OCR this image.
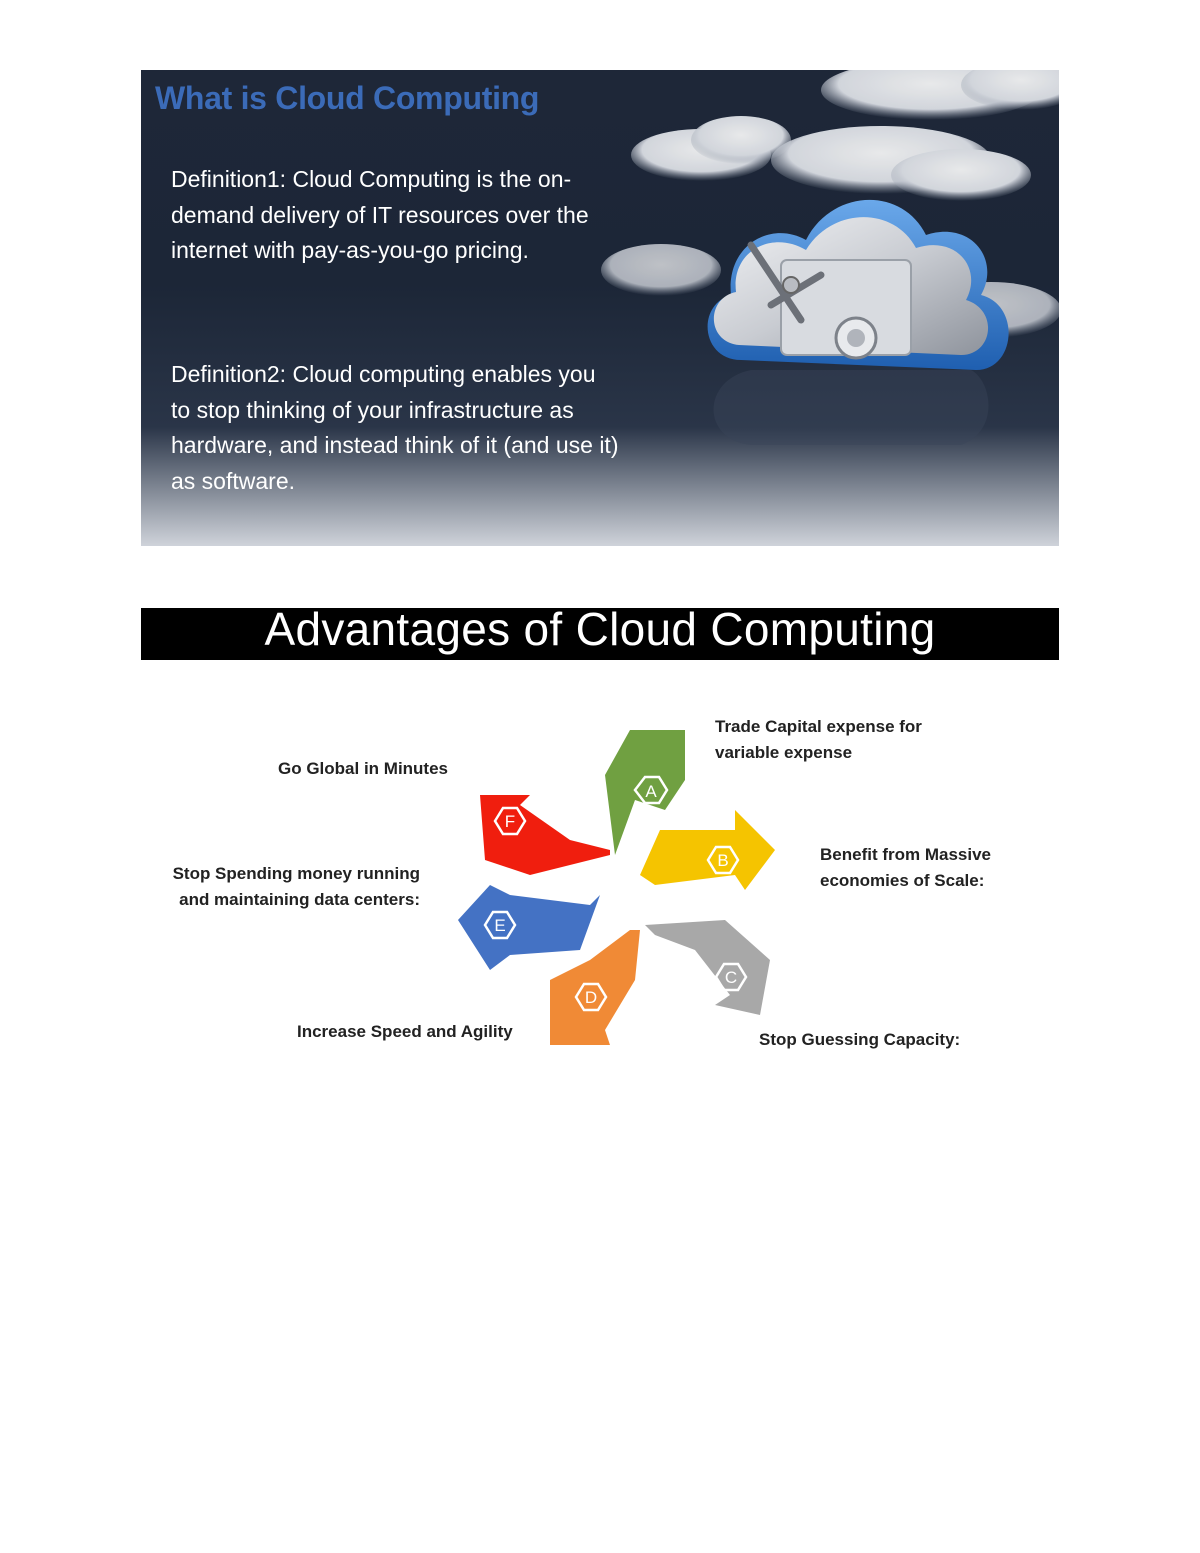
What is Cloud Computing

Definition1: Cloud Computing is the on-demand delivery of IT resources over the internet with pay-as-you-go pricing.

Definition2: Cloud computing enables you to stop thinking of your infrastructure as hardware, and instead think of it (and use it) as software.

Advantages of Cloud Computing
A
B
C
D
E
F

Trade Capital expense for variable expense

Benefit from Massive economies of Scale:

Stop Guessing Capacity:

Increase Speed and Agility

Stop Spending money running and maintaining data centers:

Go Global in Minutes
